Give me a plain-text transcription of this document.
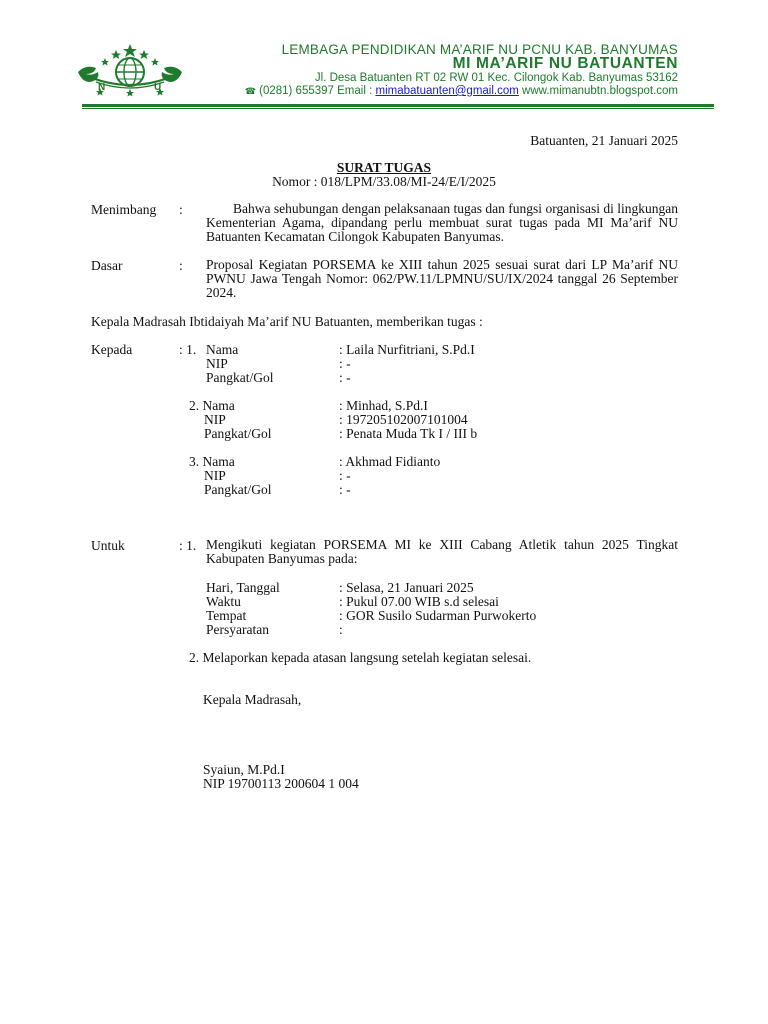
N	U
LEMBAGA PENDIDIKAN MA’ARIF NU PCNU KAB. BANYUMAS
MI MA’ARIF NU BATUANTEN
Jl. Desa Batuanten RT 02 RW 01 Kec. Cilongok Kab. Banyumas 53162
☎ (0281) 655397 Email : mimabatuanten@gmail.com www.mimanubtn.blogspot.com
Batuanten, 21 Januari 2025
SURAT TUGAS
Nomor : 018/LPM/33.08/MI-24/E/I/2025
Menimbang :	Bahwa sehubungan dengan pelaksanaan tugas dan fungsi organisasi di lingkungan Kementerian Agama, dipandang perlu membuat surat tugas pada MI Ma’arif NU Batuanten Kecamatan Cilongok Kabupaten Banyumas.
Dasar	: Proposal Kegiatan PORSEMA ke XIII tahun 2025 sesuai surat dari LP Ma’arif NU PWNU Jawa Tengah Nomor: 062/PW.11/LPMNU/SU/IX/2024 tanggal 26 September 2024.
Kepala Madrasah Ibtidaiyah Ma’arif NU Batuanten, memberikan tugas :
Kepada	: 1. Nama	: Laila Nurfitriani, S.Pd.I
NIP	: -
Pangkat/Gol	: -
2. Nama	: Minhad, S.Pd.I
NIP	: 197205102007101004
Pangkat/Gol	: Penata Muda Tk I / III b
3. Nama	: Akhmad Fidianto
NIP	: -
Pangkat/Gol	: -
Untuk	: 1. Mengikuti kegiatan PORSEMA MI ke XIII Cabang Atletik tahun 2025 Tingkat Kabupaten Banyumas pada:
Hari, Tanggal	: Selasa, 21 Januari 2025
Waktu	: Pukul 07.00 WIB s.d selesai
Tempat	: GOR Susilo Sudarman Purwokerto
Persyaratan	:
2. Melaporkan kepada atasan langsung setelah kegiatan selesai.
Kepala Madrasah,
Syaiun, M.Pd.I
NIP 19700113 200604 1 004
